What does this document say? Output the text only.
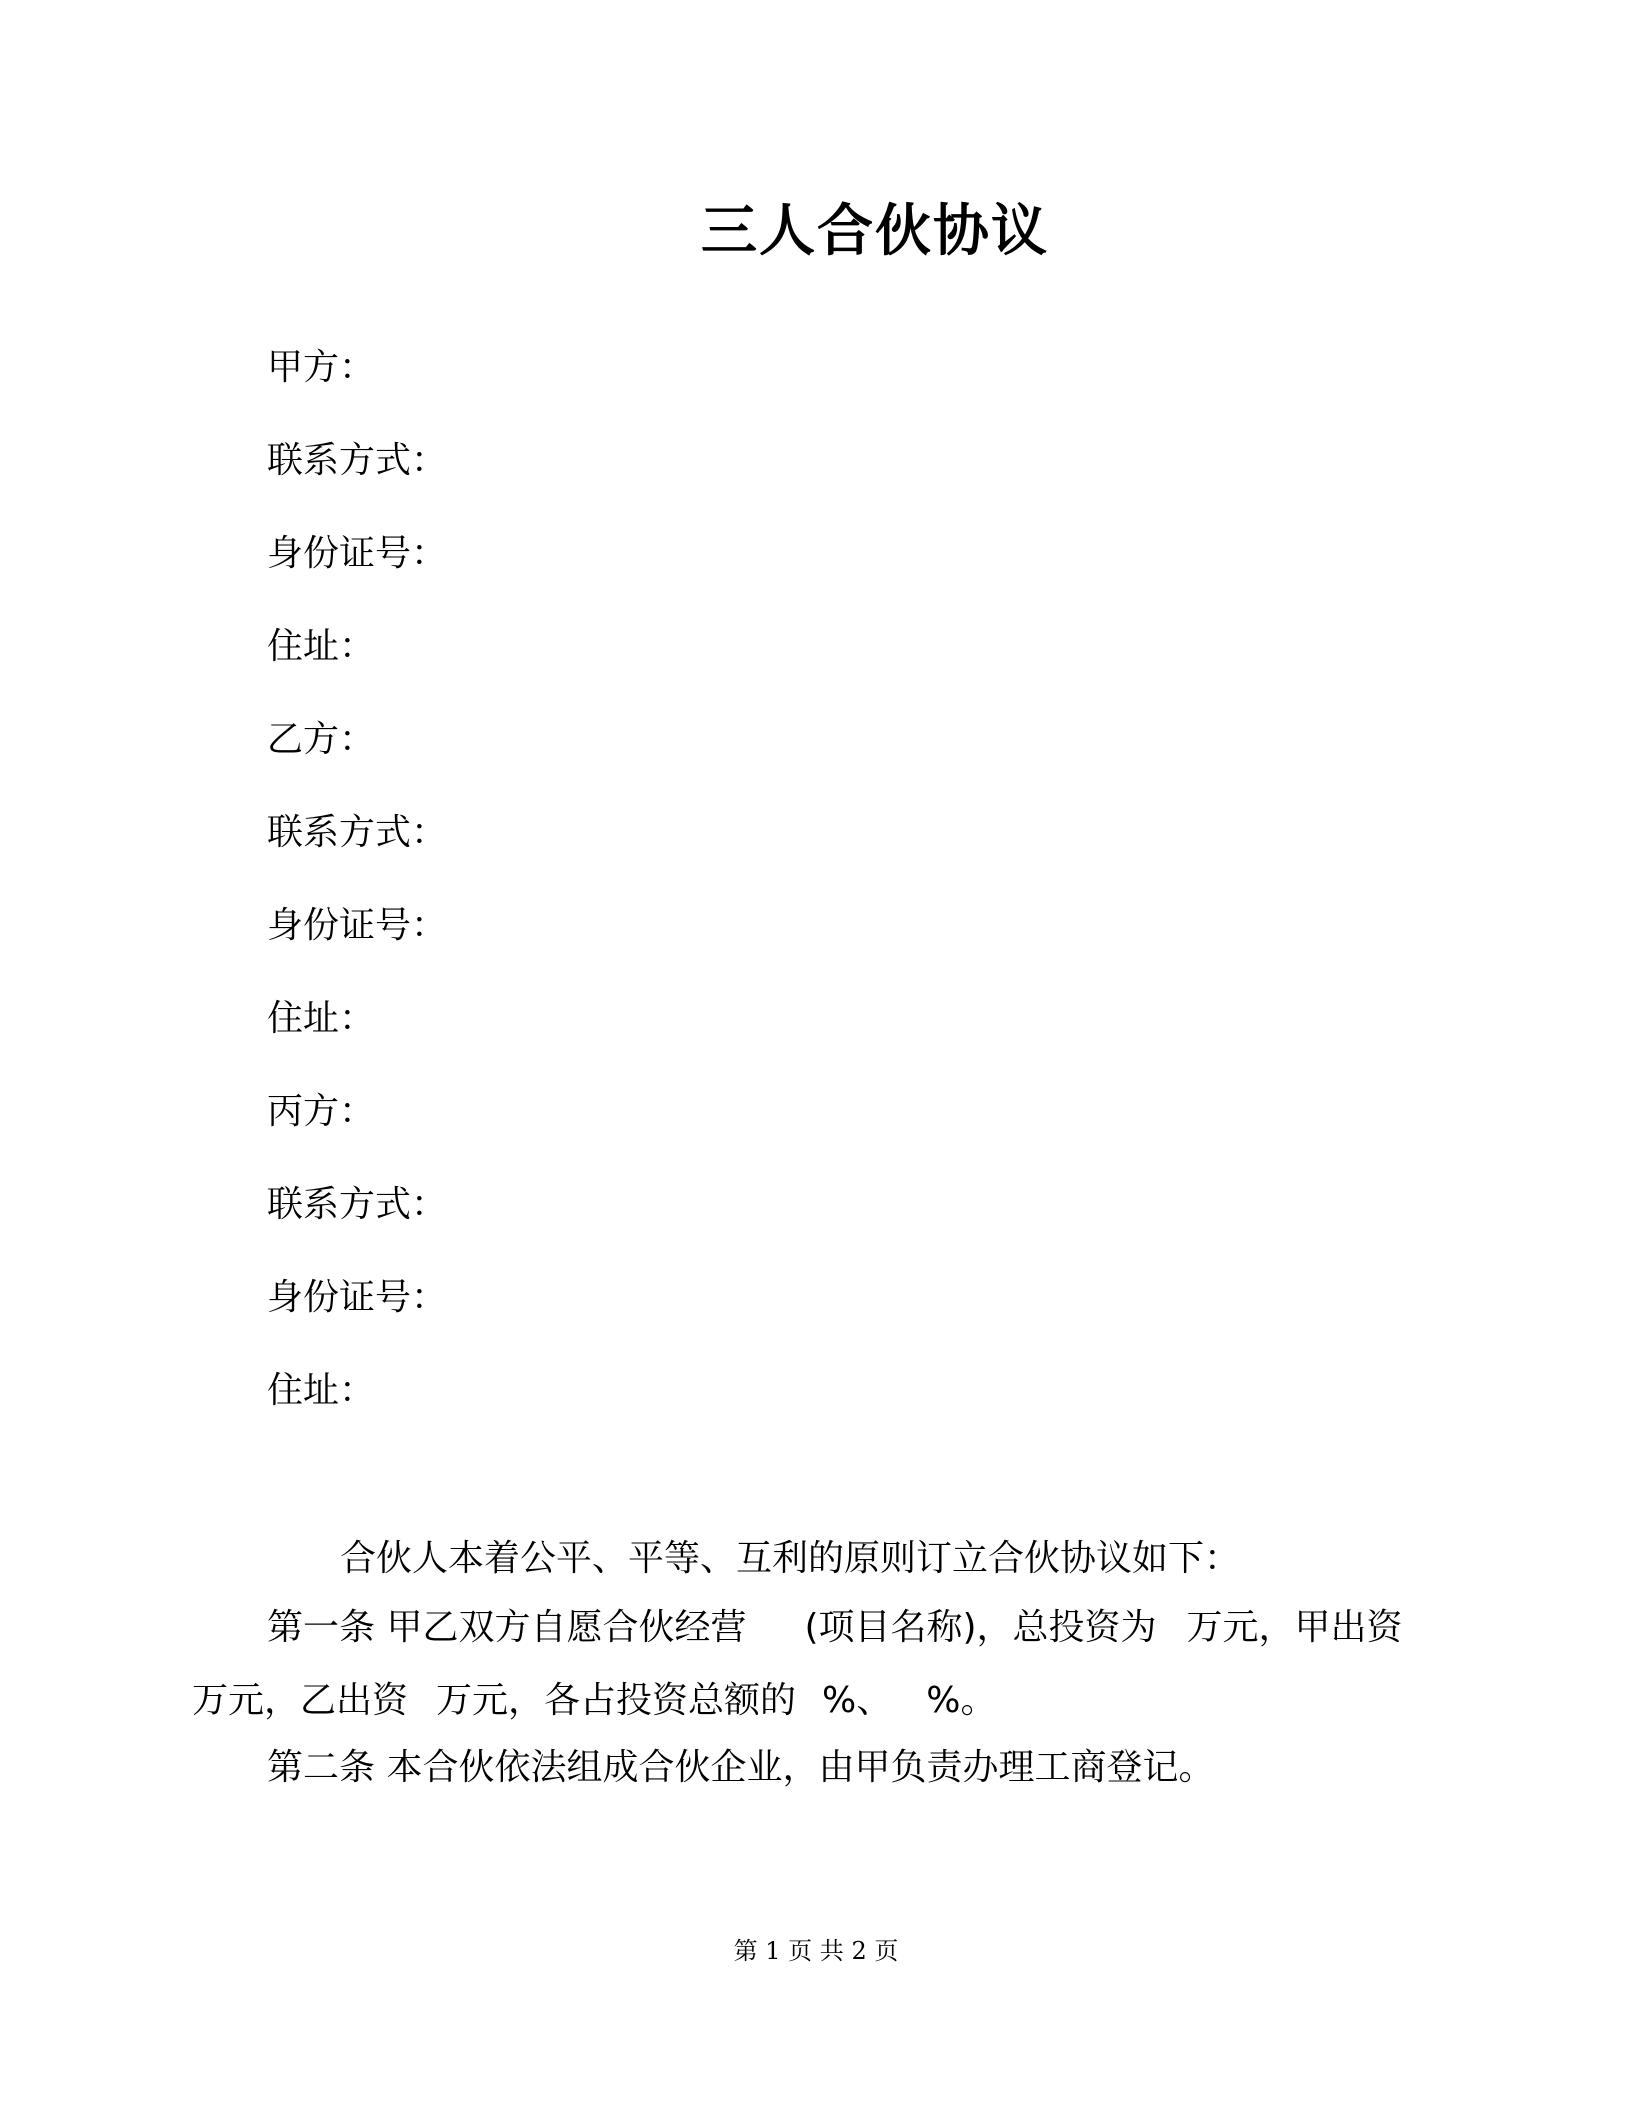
三人合伙协议
甲方：
联系方式：
身份证号：
住址：
乙方：
联系方式：
身份证号：
住址：
丙方：
联系方式：
身份证号：
住址：
合伙人本着公平、平等、互利的原则订立合伙协议如下：
第一条 甲乙双方自愿合伙经营 (项目名称)，总投资为 万元，甲出资
万元，乙出资 万元，各占投资总额的 %、 %。
第二条 本合伙依法组成合伙企业，由甲负责办理工商登记。
第 1 页 共 2 页
